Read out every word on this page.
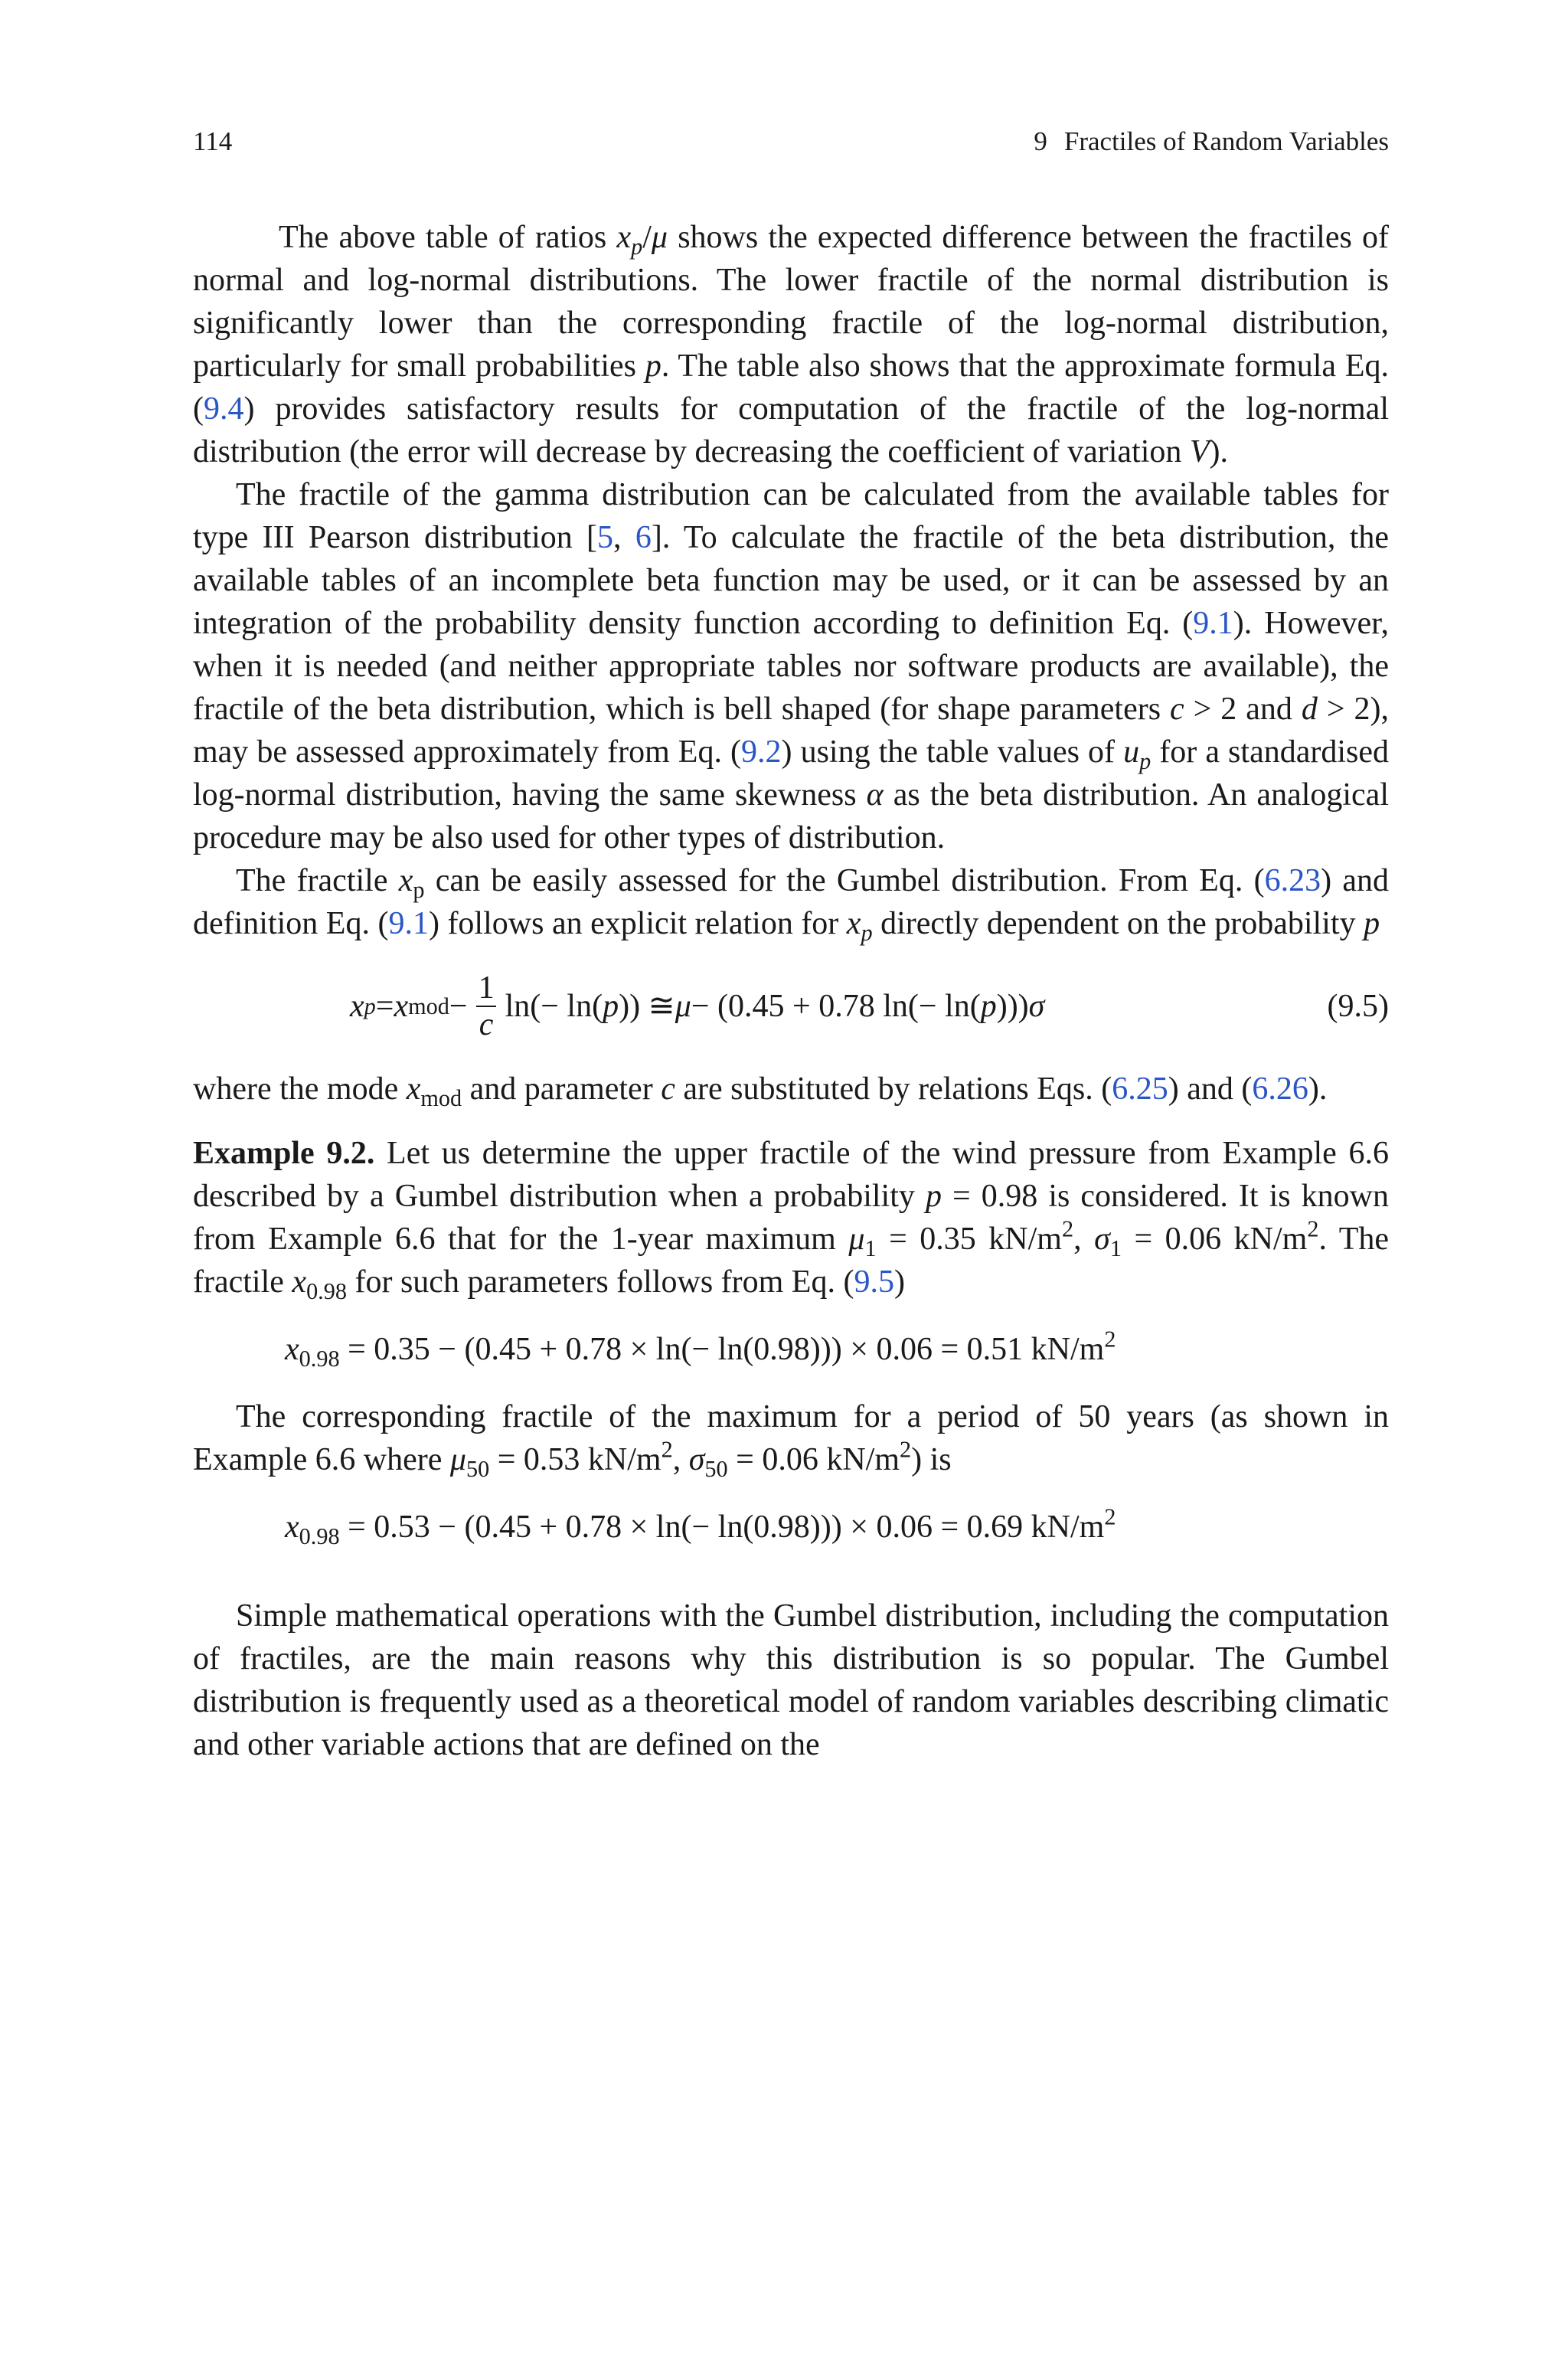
114	9 Fractiles of Random Variables

The above table of ratios $x_p/\mu$ shows the expected difference between the fractiles of normal and log-normal distributions. The lower fractile of the normal distribution is significantly lower than the corresponding fractile of the log-normal distribution, particularly for small probabilities p. The table also shows that the approximate formula Eq. (9.4) provides satisfactory results for computation of the fractile of the log-normal distribution (the error will decrease by decreasing the coefficient of variation V).

The fractile of the gamma distribution can be calculated from the available tables for type III Pearson distribution [5, 6]. To calculate the fractile of the beta distribution, the available tables of an incomplete beta function may be used, or it can be assessed by an integration of the probability density function according to definition Eq. (9.1). However, when it is needed (and neither appropriate tables nor software products are available), the fractile of the beta distribution, which is bell shaped (for shape parameters c > 2 and d > 2), may be assessed approximately from Eq. (9.2) using the table values of $u_p$ for a standardised log-normal distribution, having the same skewness α as the beta distribution. An analogical procedure may be also used for other types of distribution.

The fractile $x_p$ can be easily assessed for the Gumbel distribution. From Eq. (6.23) and definition Eq. (9.1) follows an explicit relation for $x_p$ directly dependent on the probability p

x p = x mod − $\frac{1}{c} \ln(- \ln$( p )) ≅ μ − (0.45 + 0.78 ln(− ln( p ))) σ	(9.5)

where the mode $x_{mod}$ and parameter c are substituted by relations Eqs. (6.25) and (6.26).

Example 9.2. Let us determine the upper fractile of the wind pressure from Example 6.6 described by a Gumbel distribution when a probability p = 0.98 is considered. It is known from Example 6.6 that for the 1-year maximum $\mu_1 = 0.35$ $kN/m^2$, $\sigma_1 = 0.06$ $kN/m^2$. The fractile $x_{0.98}$ for such parameters follows from Eq. (9.5)

$x_{0.98} = 0.35 - (0.45 + 0.78 \times \ln(- \ln(0.98))) \times 0.06 = 0.51$ $kN/m^2$

The corresponding fractile of the maximum for a period of 50 years (as shown in Example 6.6 where $\mu_{50} = 0.53$ $kN/m^2$, $\sigma_{50} = 0.06$ $kN/m^2$) is

$x_{0.98} = 0.53 - (0.45 + 0.78 \times \ln(- \ln(0.98))) \times 0.06 = 0.69$ $kN/m^2$

Simple mathematical operations with the Gumbel distribution, including the computation of fractiles, are the main reasons why this distribution is so popular. The Gumbel distribution is frequently used as a theoretical model of random variables describing climatic and other variable actions that are defined on the
